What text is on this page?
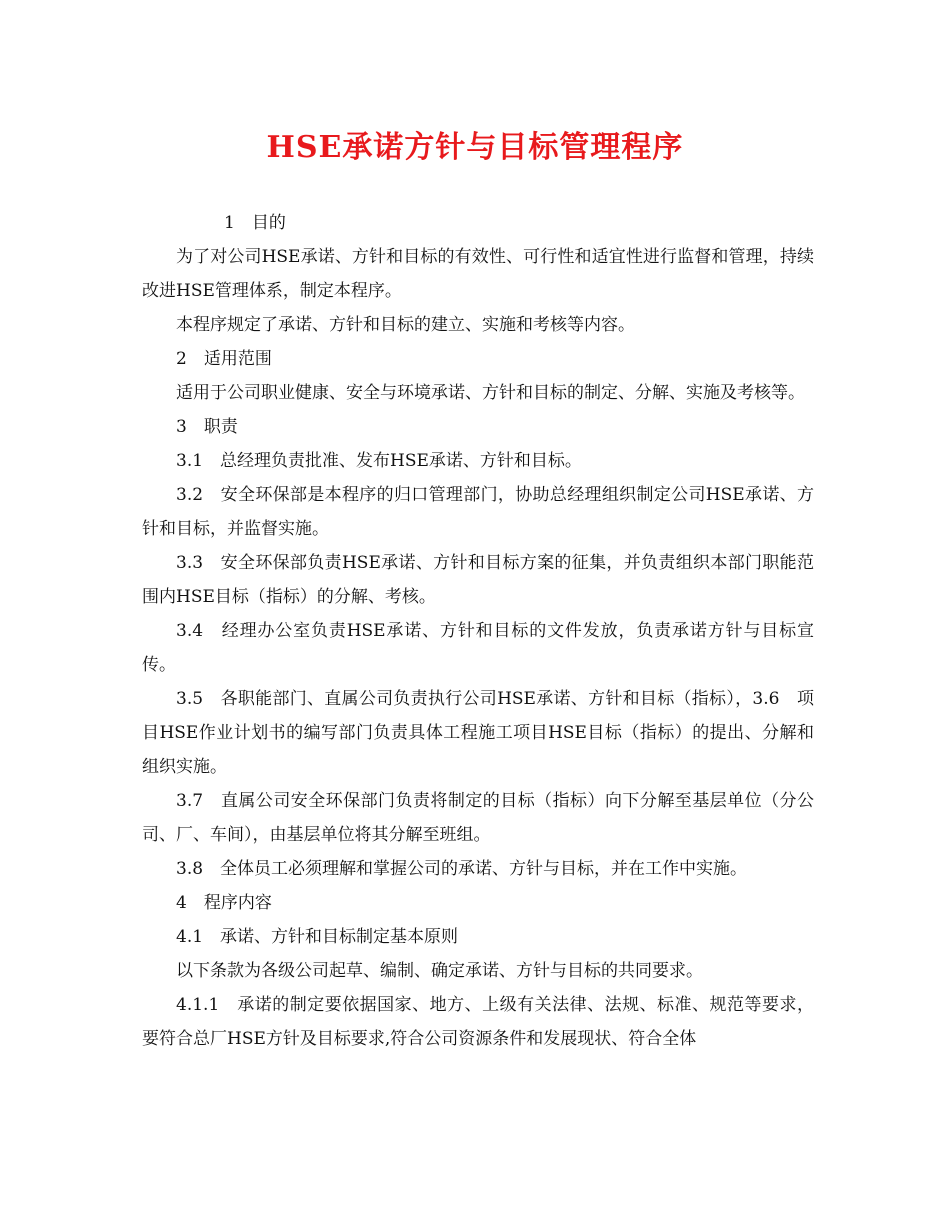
HSE承诺方针与目标管理程序

1　目的

为了对公司HSE承诺、方针和目标的有效性、可行性和适宜性进行监督和管理，持续改进HSE管理体系，制定本程序。

本程序规定了承诺、方针和目标的建立、实施和考核等内容。

2　适用范围

适用于公司职业健康、安全与环境承诺、方针和目标的制定、分解、实施及考核等。

3　职责

3.1　总经理负责批准、发布HSE承诺、方针和目标。

3.2　安全环保部是本程序的归口管理部门，协助总经理组织制定公司HSE承诺、方针和目标，并监督实施。

3.3　安全环保部负责HSE承诺、方针和目标方案的征集，并负责组织本部门职能范围内HSE目标（指标）的分解、考核。

3.4　经理办公室负责HSE承诺、方针和目标的文件发放，负责承诺方针与目标宣传。

3.5　各职能部门、直属公司负责执行公司HSE承诺、方针和目标（指标），3.6　项目HSE作业计划书的编写部门负责具体工程施工项目HSE目标（指标）的提出、分解和组织实施。

3.7　直属公司安全环保部门负责将制定的目标（指标）向下分解至基层单位（分公司、厂、车间），由基层单位将其分解至班组。

3.8　全体员工必须理解和掌握公司的承诺、方针与目标，并在工作中实施。

4　程序内容

4.1　承诺、方针和目标制定基本原则

以下条款为各级公司起草、编制、确定承诺、方针与目标的共同要求。

4.1.1　承诺的制定要依据国家、地方、上级有关法律、法规、标准、规范等要求，要符合总厂HSE方针及目标要求,符合公司资源条件和发展现状、符合全体
